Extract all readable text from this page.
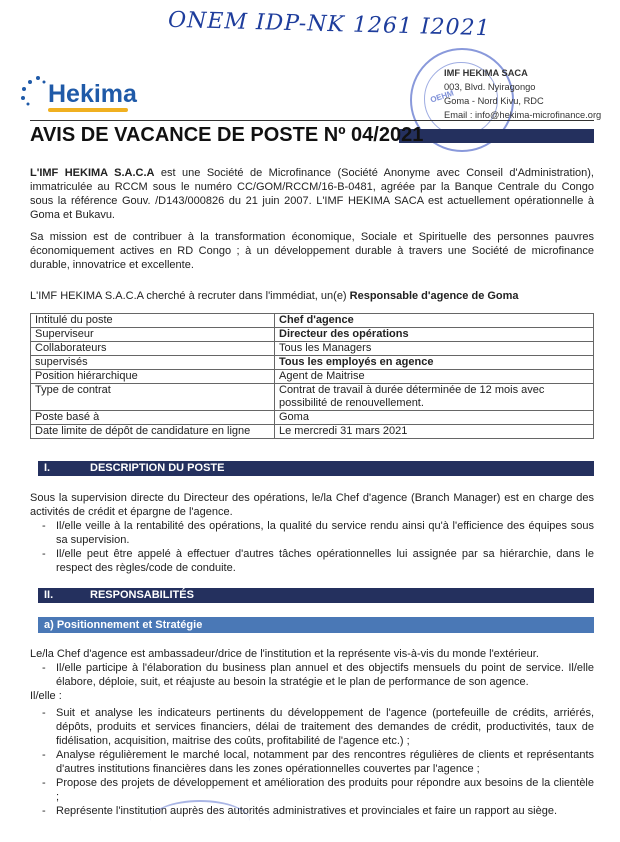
ONEM IDP-NK 1261 I2021
Hekima	OEHM
IMF HEKIMA SACA
003, Blvd. Nyiragongo
Goma - Nord Kivu, RDC
Email : info@hekima-microfinance.org
AVIS DE VACANCE DE POSTE Nº 04/2021
L'IMF HEKIMA S.A.C.A est une Société de Microfinance (Société Anonyme avec Conseil d'Administration), immatriculée au RCCM sous le numéro CC/GOM/RCCM/16-B-0481, agréée par la Banque Centrale du Congo sous la référence Gouv. /D143/000826 du 21 juin 2007. L'IMF HEKIMA SACA est actuellement opérationnelle à Goma et Bukavu.
Sa mission est de contribuer à la transformation économique, Sociale et Spirituelle des personnes pauvres économiquement actives en RD Congo ; à un développement durable à travers une Société de microfinance durable, innovatrice et excellente.
L'IMF HEKIMA S.A.C.A cherché à recruter dans l'immédiat, un(e) Responsable d'agence de Goma
Intitulé du poste	Chef d'agence
Superviseur	Directeur des opérations
Collaborateurs	Tous les Managers
supervisés	Tous les employés en agence
Position hiérarchique	Agent de Maitrise
Type de contrat	Contrat de travail à durée déterminée de 12 mois avec possibilité de renouvellement.
Poste basé à	Goma
Date limite de dépôt de candidature en ligne	Le mercredi 31 mars 2021
I.	DESCRIPTION DU POSTE
Sous la supervision directe du Directeur des opérations, le/la Chef d'agence (Branch Manager) est en charge des activités de crédit et épargne de l'agence.
- Il/elle veille à la rentabilité des opérations, la qualité du service rendu ainsi qu'à l'efficience des équipes sous sa supervision.
- Il/elle peut être appelé à effectuer d'autres tâches opérationnelles lui assignée par sa hiérarchie, dans le respect des règles/code de conduite.
II.	RESPONSABILITÉS
a) Positionnement et Stratégie
Le/la Chef d'agence est ambassadeur/drice de l'institution et la représente vis-à-vis du monde l'extérieur.
- Il/elle participe à l'élaboration du business plan annuel et des objectifs mensuels du point de service. Il/elle élabore, déploie, suit, et réajuste au besoin la stratégie et le plan de performance de son agence.
Il/elle :
- Suit et analyse les indicateurs pertinents du développement de l'agence (portefeuille de crédits, arriérés, dépôts, produits et services financiers, délai de traitement des demandes de crédit, productivités, taux de fidélisation, acquisition, maitrise des coûts, profitabilité de l'agence etc.) ;
- Analyse régulièrement le marché local, notamment par des rencontres régulières de clients et représentants d'autres institutions financières dans les zones opérationnelles couvertes par l'agence ;
- Propose des projets de développement et amélioration des produits pour répondre aux besoins de la clientèle ;
- Représente l'institution auprès des autorités administratives et provinciales et faire un rapport au siège.
